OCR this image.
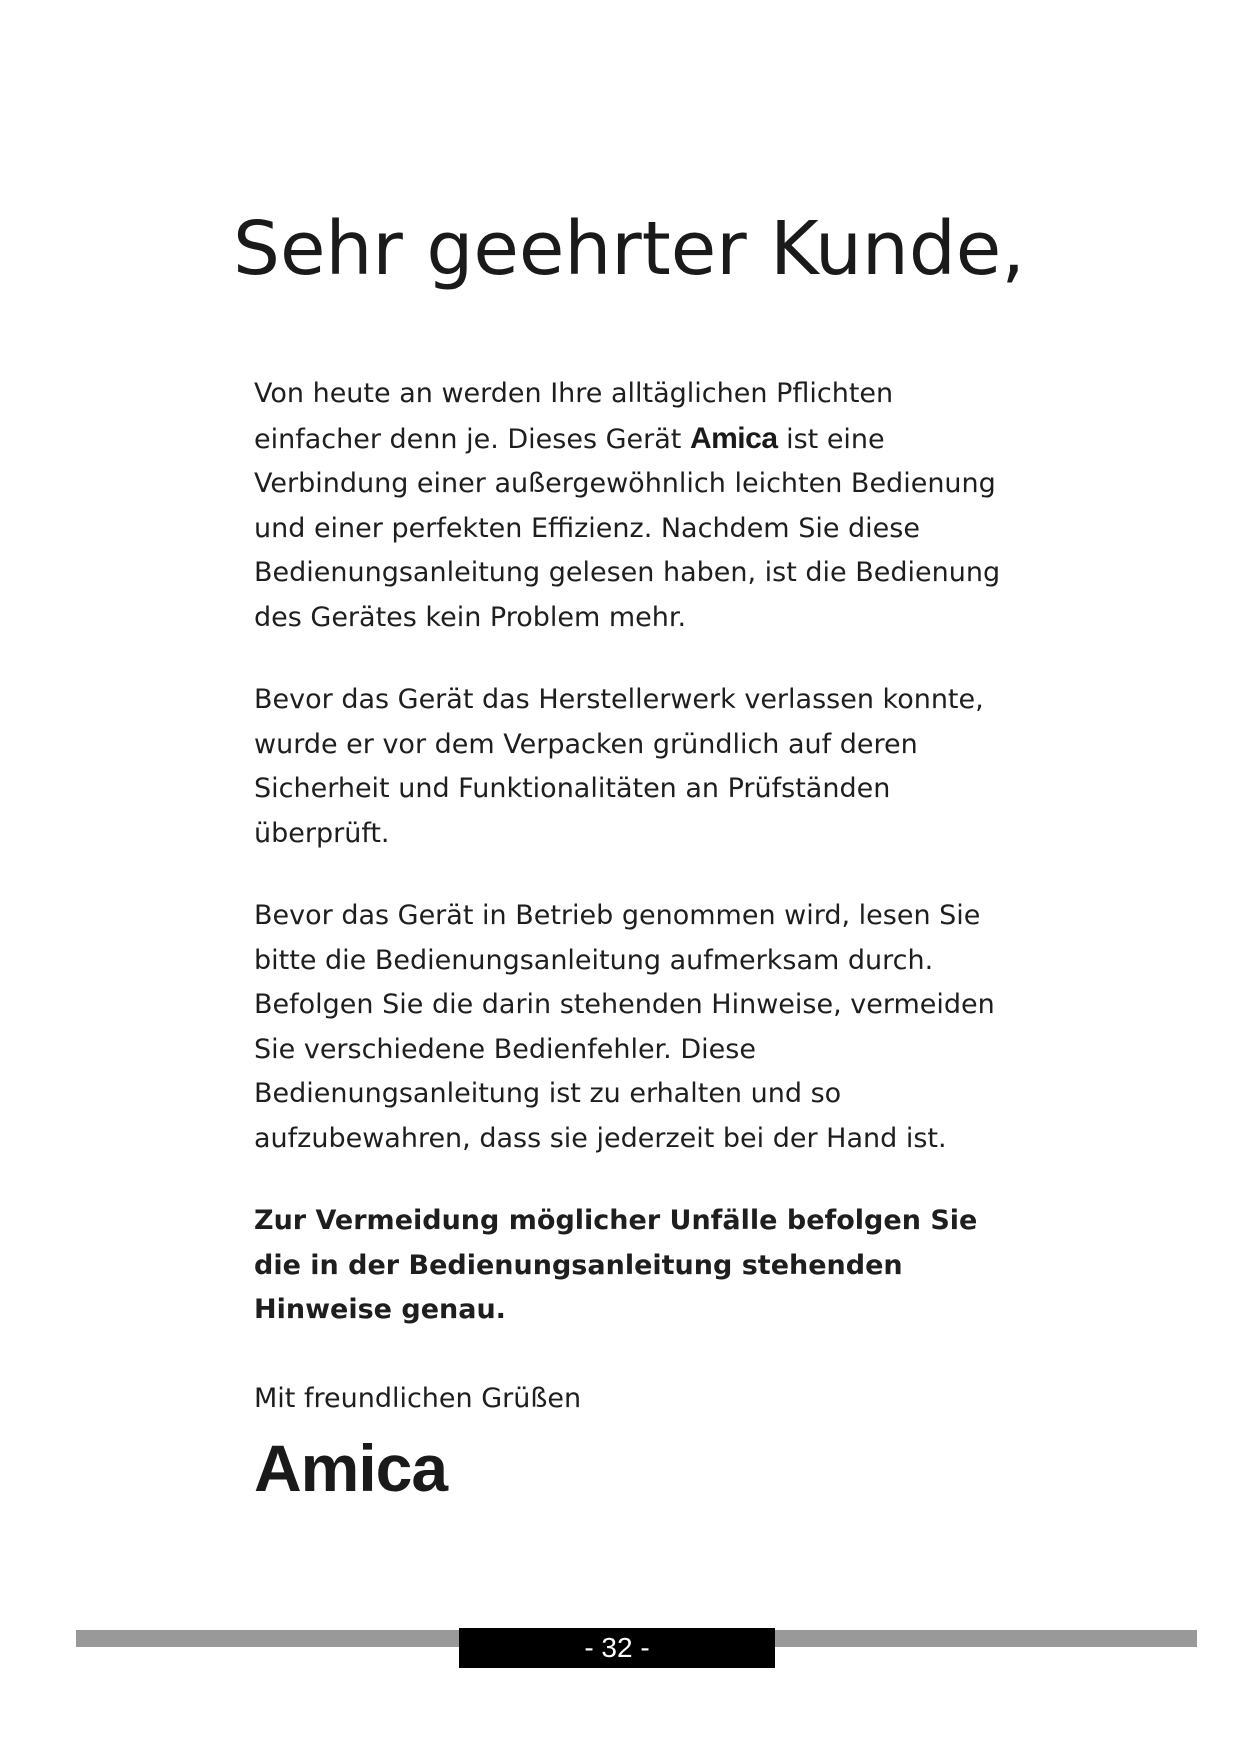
Sehr geehrter Kunde,

Von heute an werden Ihre alltäglichen Pflichten einfacher denn je. Dieses Gerät Amica ist eine Verbindung einer außergewöhnlich leichten Bedienung und einer perfekten Effizienz. Nachdem Sie diese Bedienungsanleitung gelesen haben, ist die Bedienung des Gerätes kein Problem mehr.

Bevor das Gerät das Herstellerwerk verlassen konnte, wurde er vor dem Verpacken gründlich auf deren Sicherheit und Funktionalitäten an Prüfständen überprüft.

Bevor das Gerät in Betrieb genommen wird, lesen Sie bitte die Bedienungsanleitung aufmerksam durch. Befolgen Sie die darin stehenden Hinweise, vermeiden Sie verschiedene Bedienfehler. Diese Bedienungsanleitung ist zu erhalten und so aufzubewahren, dass sie jederzeit bei der Hand ist.

Zur Vermeidung möglicher Unfälle befolgen Sie die in der Bedienungsanleitung stehenden Hinweise genau.

Mit freundlichen Grüßen

Amica
- 32 -
